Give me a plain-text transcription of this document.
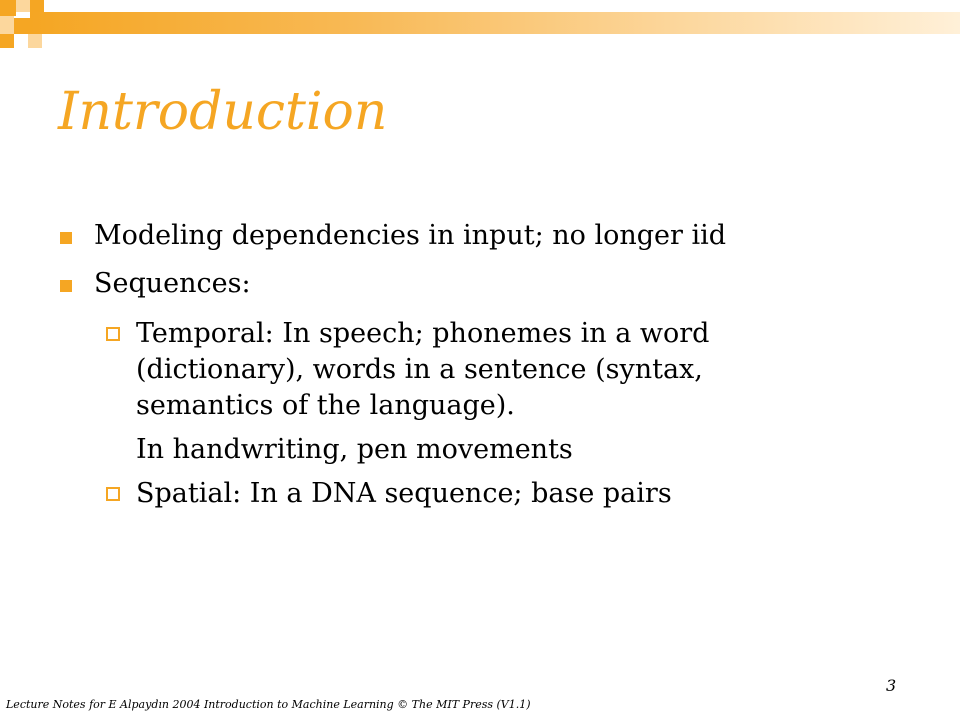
Introduction
Modeling dependencies in input; no longer iid
Sequences:
Temporal: In speech; phonemes in a word
(dictionary), words in a sentence (syntax,
semantics of the language).
In handwriting, pen movements
Spatial: In a DNA sequence; base pairs
3
Lecture Notes for E Alpaydın 2004 Introduction to Machine Learning © The MIT Press (V1.1)
